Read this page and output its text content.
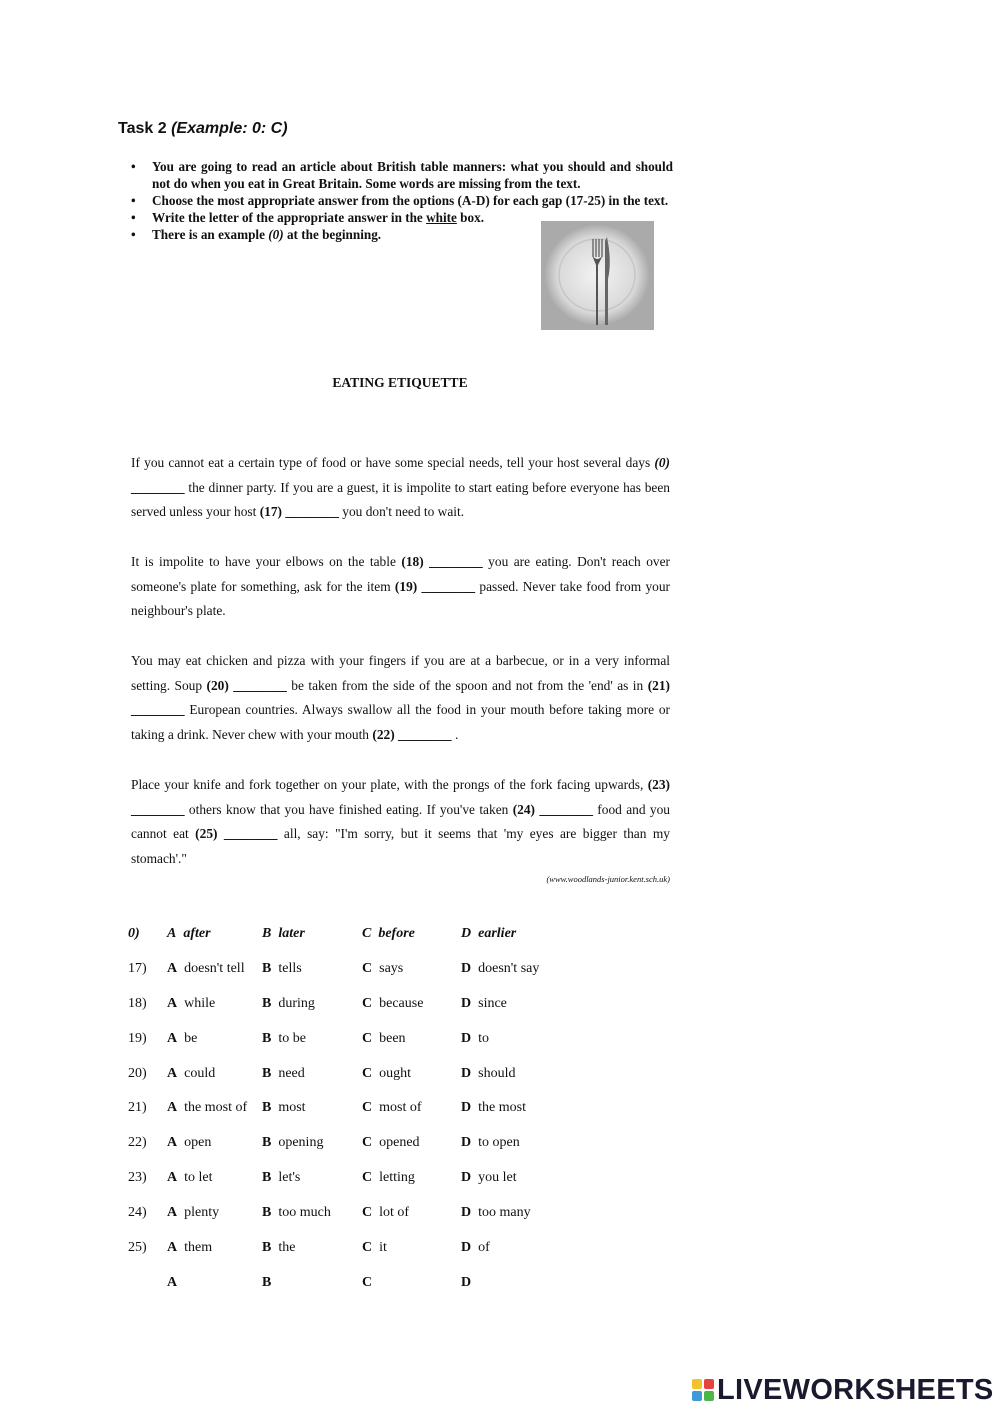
Task 2 (Example: 0: C)
• You are going to read an article about British table manners: what you should and should not do when you eat in Great Britain. Some words are missing from the text.
• Choose the most appropriate answer from the options (A-D) for each gap (17-25) in the text.
• Write the letter of the appropriate answer in the white box.
• There is an example (0) at the beginning.
EATING ETIQUETTE

If you cannot eat a certain type of food or have some special needs, tell your host several days (0) ________ the dinner party. If you are a guest, it is impolite to start eating before everyone has been served unless your host (17) ________ you don't need to wait.

It is impolite to have your elbows on the table (18) ________ you are eating. Don't reach over someone's plate for something, ask for the item (19) ________ passed. Never take food from your neighbour's plate.

You may eat chicken and pizza with your fingers if you are at a barbecue, or in a very informal setting. Soup (20) ________ be taken from the side of the spoon and not from the 'end' as in (21) ________ European countries. Always swallow all the food in your mouth before taking more or taking a drink. Never chew with your mouth (22) ________ .

Place your knife and fork together on your plate, with the prongs of the fork facing upwards, (23) ________ others know that you have finished eating. If you've taken (24) ________ food and you cannot eat (25) ________ all, say: "I'm sorry, but it seems that 'my eyes are bigger than my stomach'."

(www.woodlands-junior.kent.sch.uk)
0) A after	B later	C before	D earlier
17) A doesn't tell B tells	C says	D doesn't say
18) A while	B during	C because	D since
19) A be	B to be	C been	D to
20) A could	B need	C ought	D should
21) A the most of B most	C most of	D the most
22) A open	B opening	C opened	D to open
23) A to let	B let's	C letting	D you let
24) A plenty	B too much C lot of	D too many
25) A them	B the	C it	D of
A	B	C	D
LIVEWORKSHEETS
